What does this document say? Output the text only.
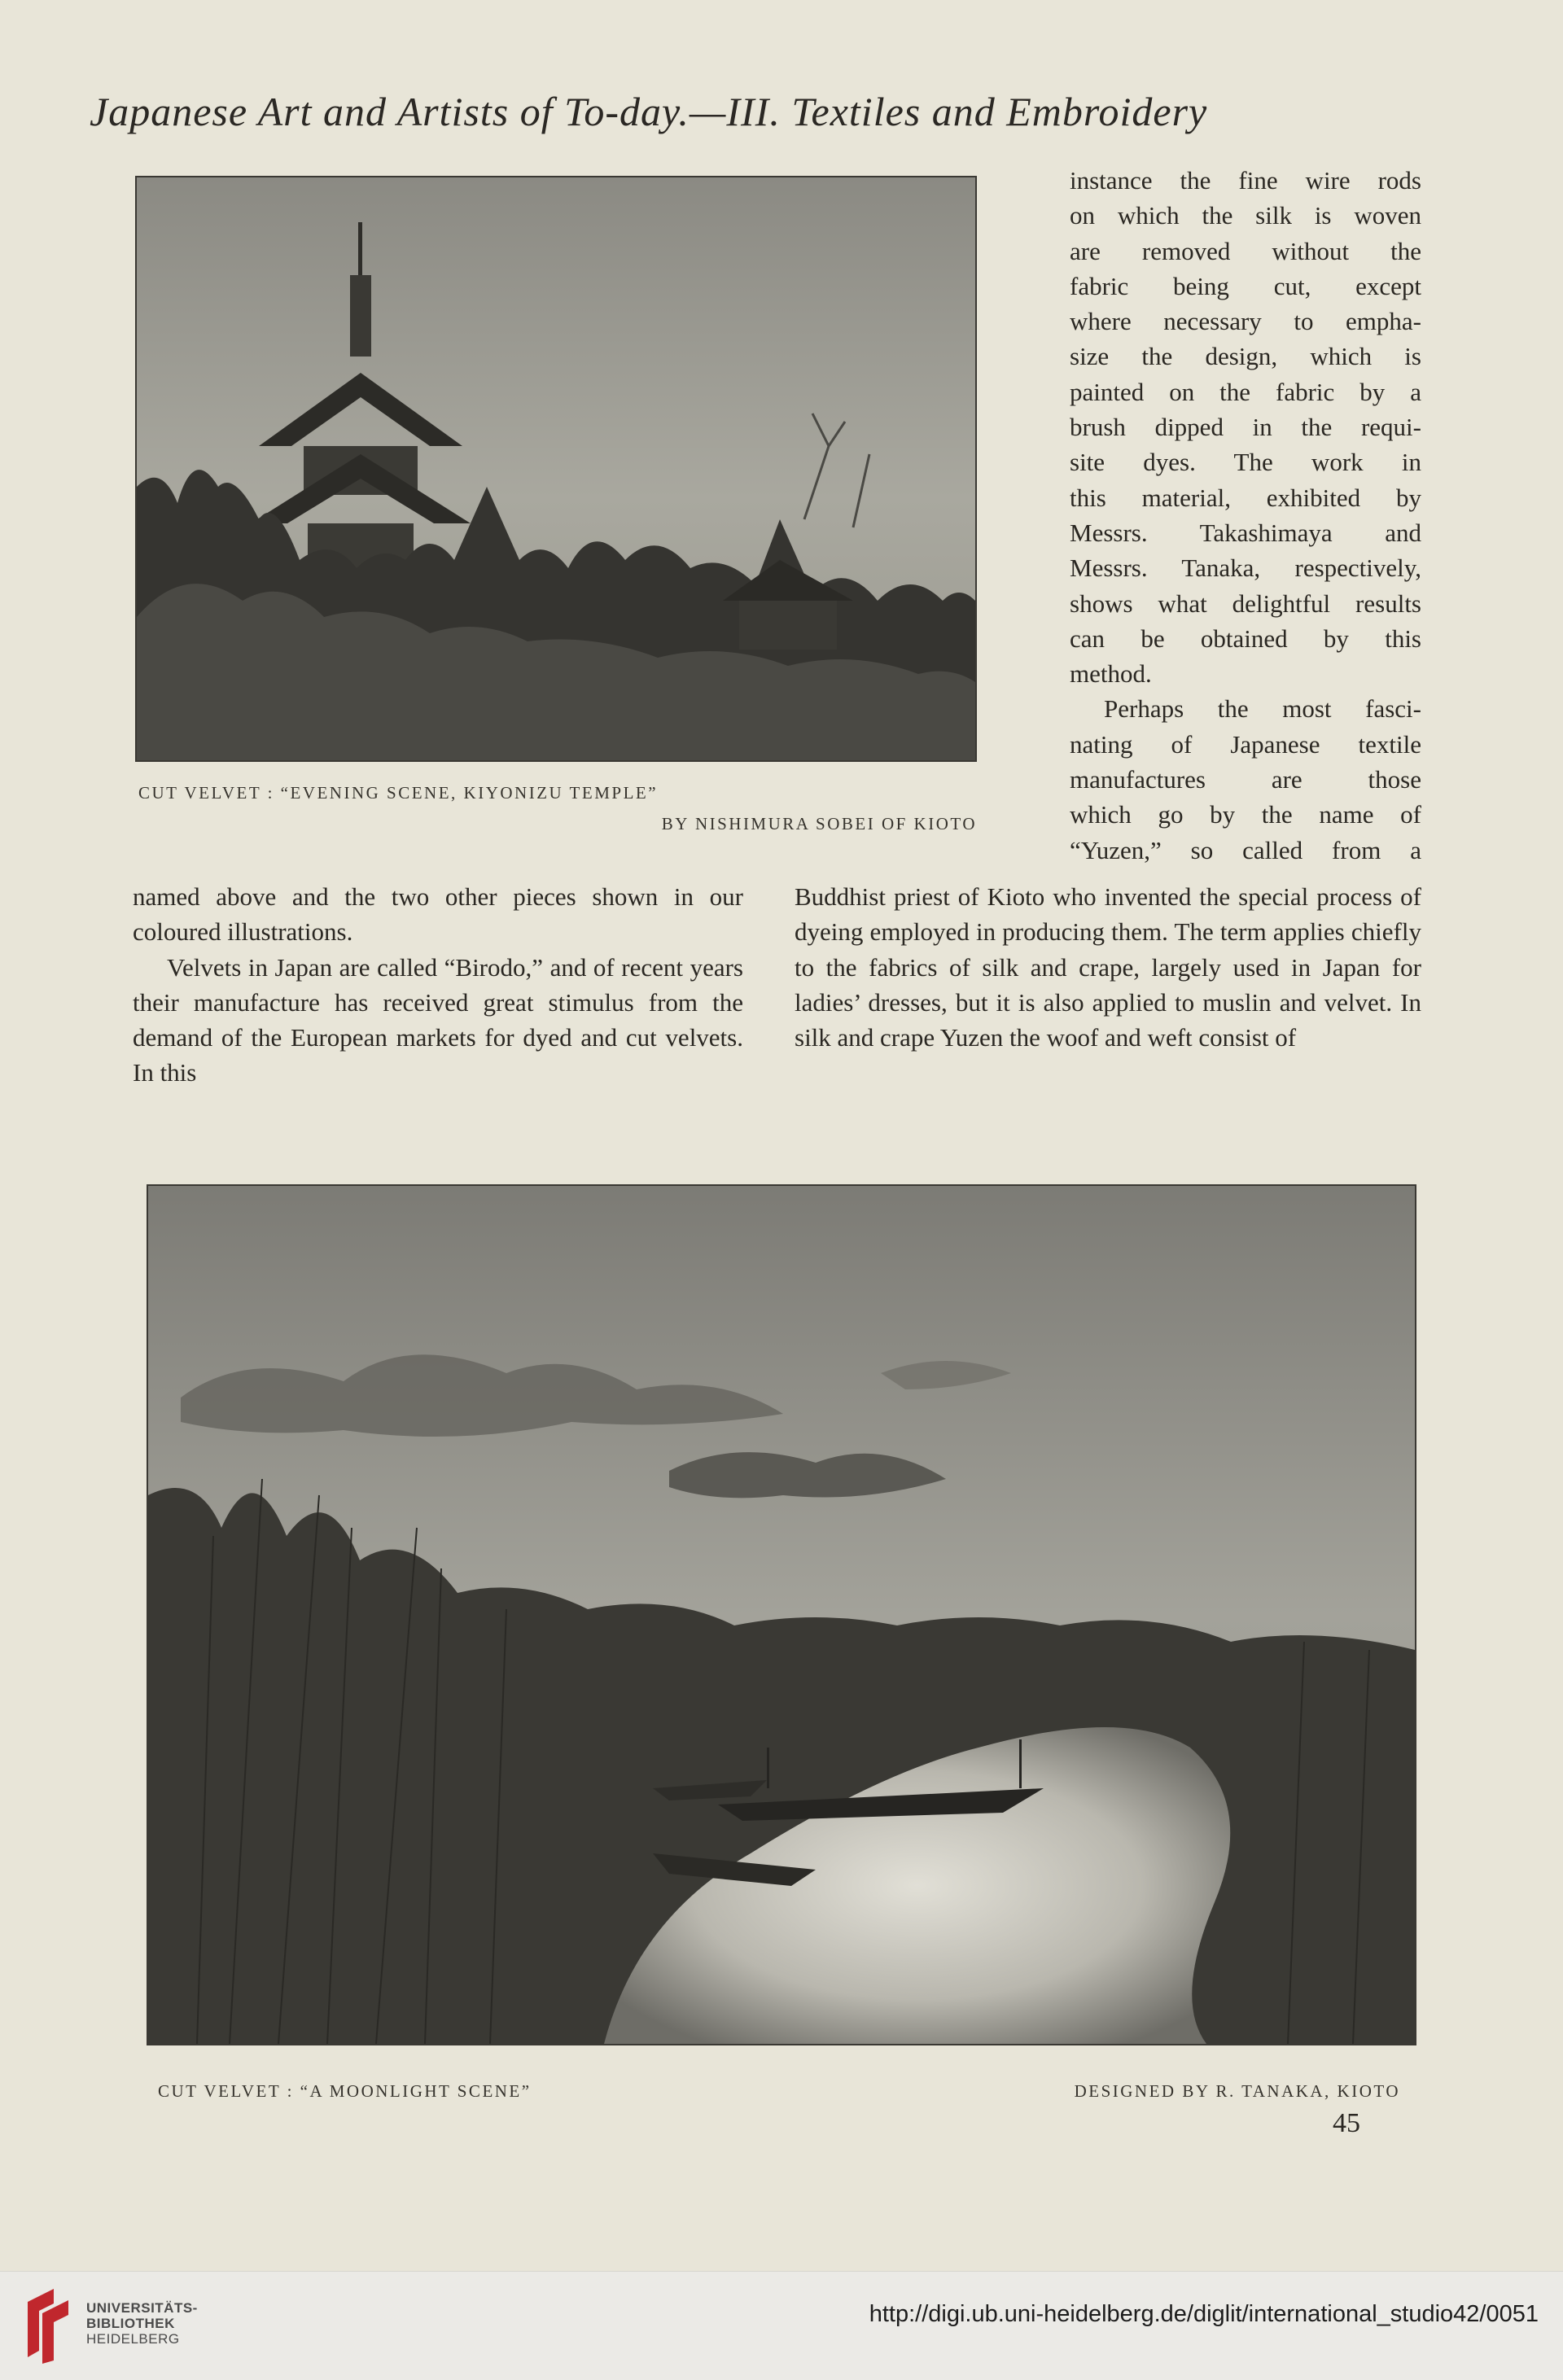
Japanese Art and Artists of To-day.—III. Textiles and Embroidery
CUT VELVET : “EVENING SCENE, KIYONIZU TEMPLE”
BY NISHIMURA SOBEI OF KIOTO
instance the fine wire rods
on which the silk is woven
are removed without the
fabric being cut, except
where necessary to empha-
size the design, which is
painted on the fabric by a
brush dipped in the requi-
site dyes. The work in
this material, exhibited by
Messrs. Takashimaya and
Messrs. Tanaka, respectively,
shows what delightful results
can be obtained by this
method.
Perhaps the most fasci-
nating of Japanese textile
manufactures are those
which go by the name of
“Yuzen,” so called from a

named above and the two other pieces shown in our coloured illustrations.

Velvets in Japan are called “Birodo,” and of recent years their manufacture has received great stimulus from the demand of the European markets for dyed and cut velvets. In this

Buddhist priest of Kioto who invented the special process of dyeing employed in producing them. The term applies chiefly to the fabrics of silk and crape, largely used in Japan for ladies’ dresses, but it is also applied to muslin and velvet. In silk and crape Yuzen the woof and weft consist of

CUT VELVET : “A MOONLIGHT SCENE”	DESIGNED BY R. TANAKA, KIOTO
45
UNIVERSITÄTS-
BIBLIOTHEK
HEIDELBERG
http://digi.ub.uni-heidelberg.de/diglit/international_studio42/0051
